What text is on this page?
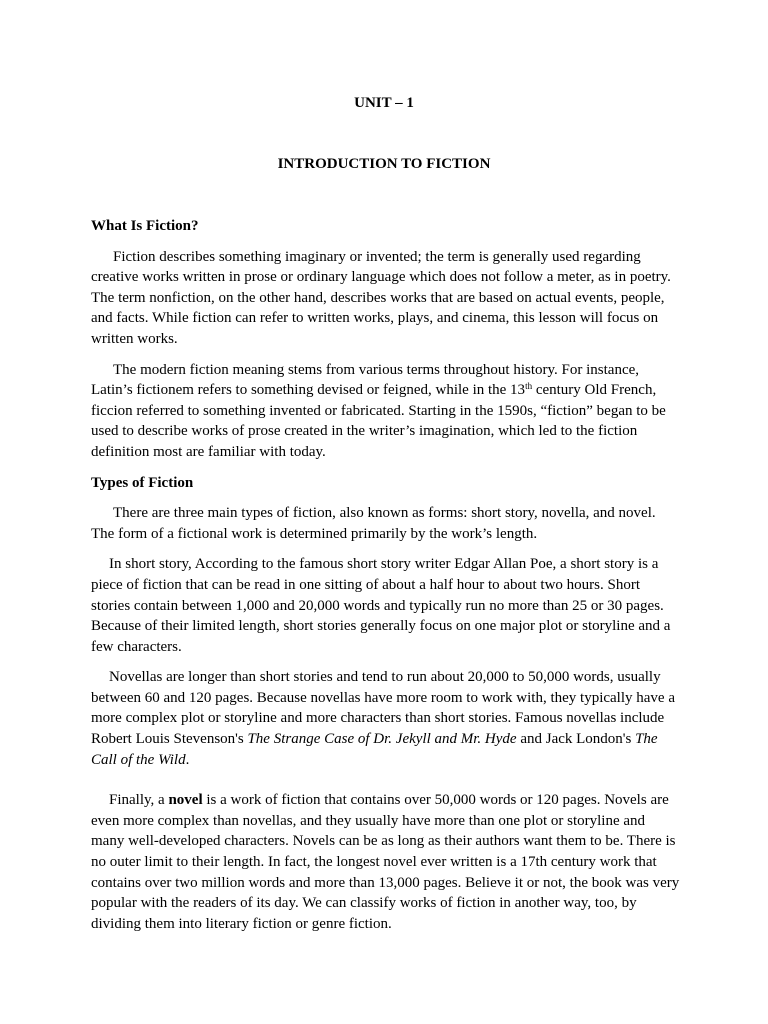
UNIT – 1
INTRODUCTION TO FICTION
What Is Fiction?

Fiction describes something imaginary or invented; the term is generally used regarding creative works written in prose or ordinary language which does not follow a meter, as in poetry. The term nonfiction, on the other hand, describes works that are based on actual events, people, and facts. While fiction can refer to written works, plays, and cinema, this lesson will focus on written works.

The modern fiction meaning stems from various terms throughout history. For instance, Latin’s fictionem refers to something devised or feigned, while in the 13th century Old French, ficcion referred to something invented or fabricated. Starting in the 1590s, “fiction” began to be used to describe works of prose created in the writer’s imagination, which led to the fiction definition most are familiar with today.

Types of Fiction

There are three main types of fiction, also known as forms: short story, novella, and novel. The form of a fictional work is determined primarily by the work’s length.

In short story, According to the famous short story writer Edgar Allan Poe, a short story is a piece of fiction that can be read in one sitting of about a half hour to about two hours. Short stories contain between 1,000 and 20,000 words and typically run no more than 25 or 30 pages. Because of their limited length, short stories generally focus on one major plot or storyline and a few characters.

Novellas are longer than short stories and tend to run about 20,000 to 50,000 words, usually between 60 and 120 pages. Because novellas have more room to work with, they typically have a more complex plot or storyline and more characters than short stories. Famous novellas include Robert Louis Stevenson's The Strange Case of Dr. Jekyll and Mr. Hyde and Jack London's The Call of the Wild.

Finally, a novel is a work of fiction that contains over 50,000 words or 120 pages. Novels are even more complex than novellas, and they usually have more than one plot or storyline and many well-developed characters. Novels can be as long as their authors want them to be. There is no outer limit to their length. In fact, the longest novel ever written is a 17th century work that contains over two million words and more than 13,000 pages. Believe it or not, the book was very popular with the readers of its day. We can classify works of fiction in another way, too, by dividing them into literary fiction or genre fiction.
